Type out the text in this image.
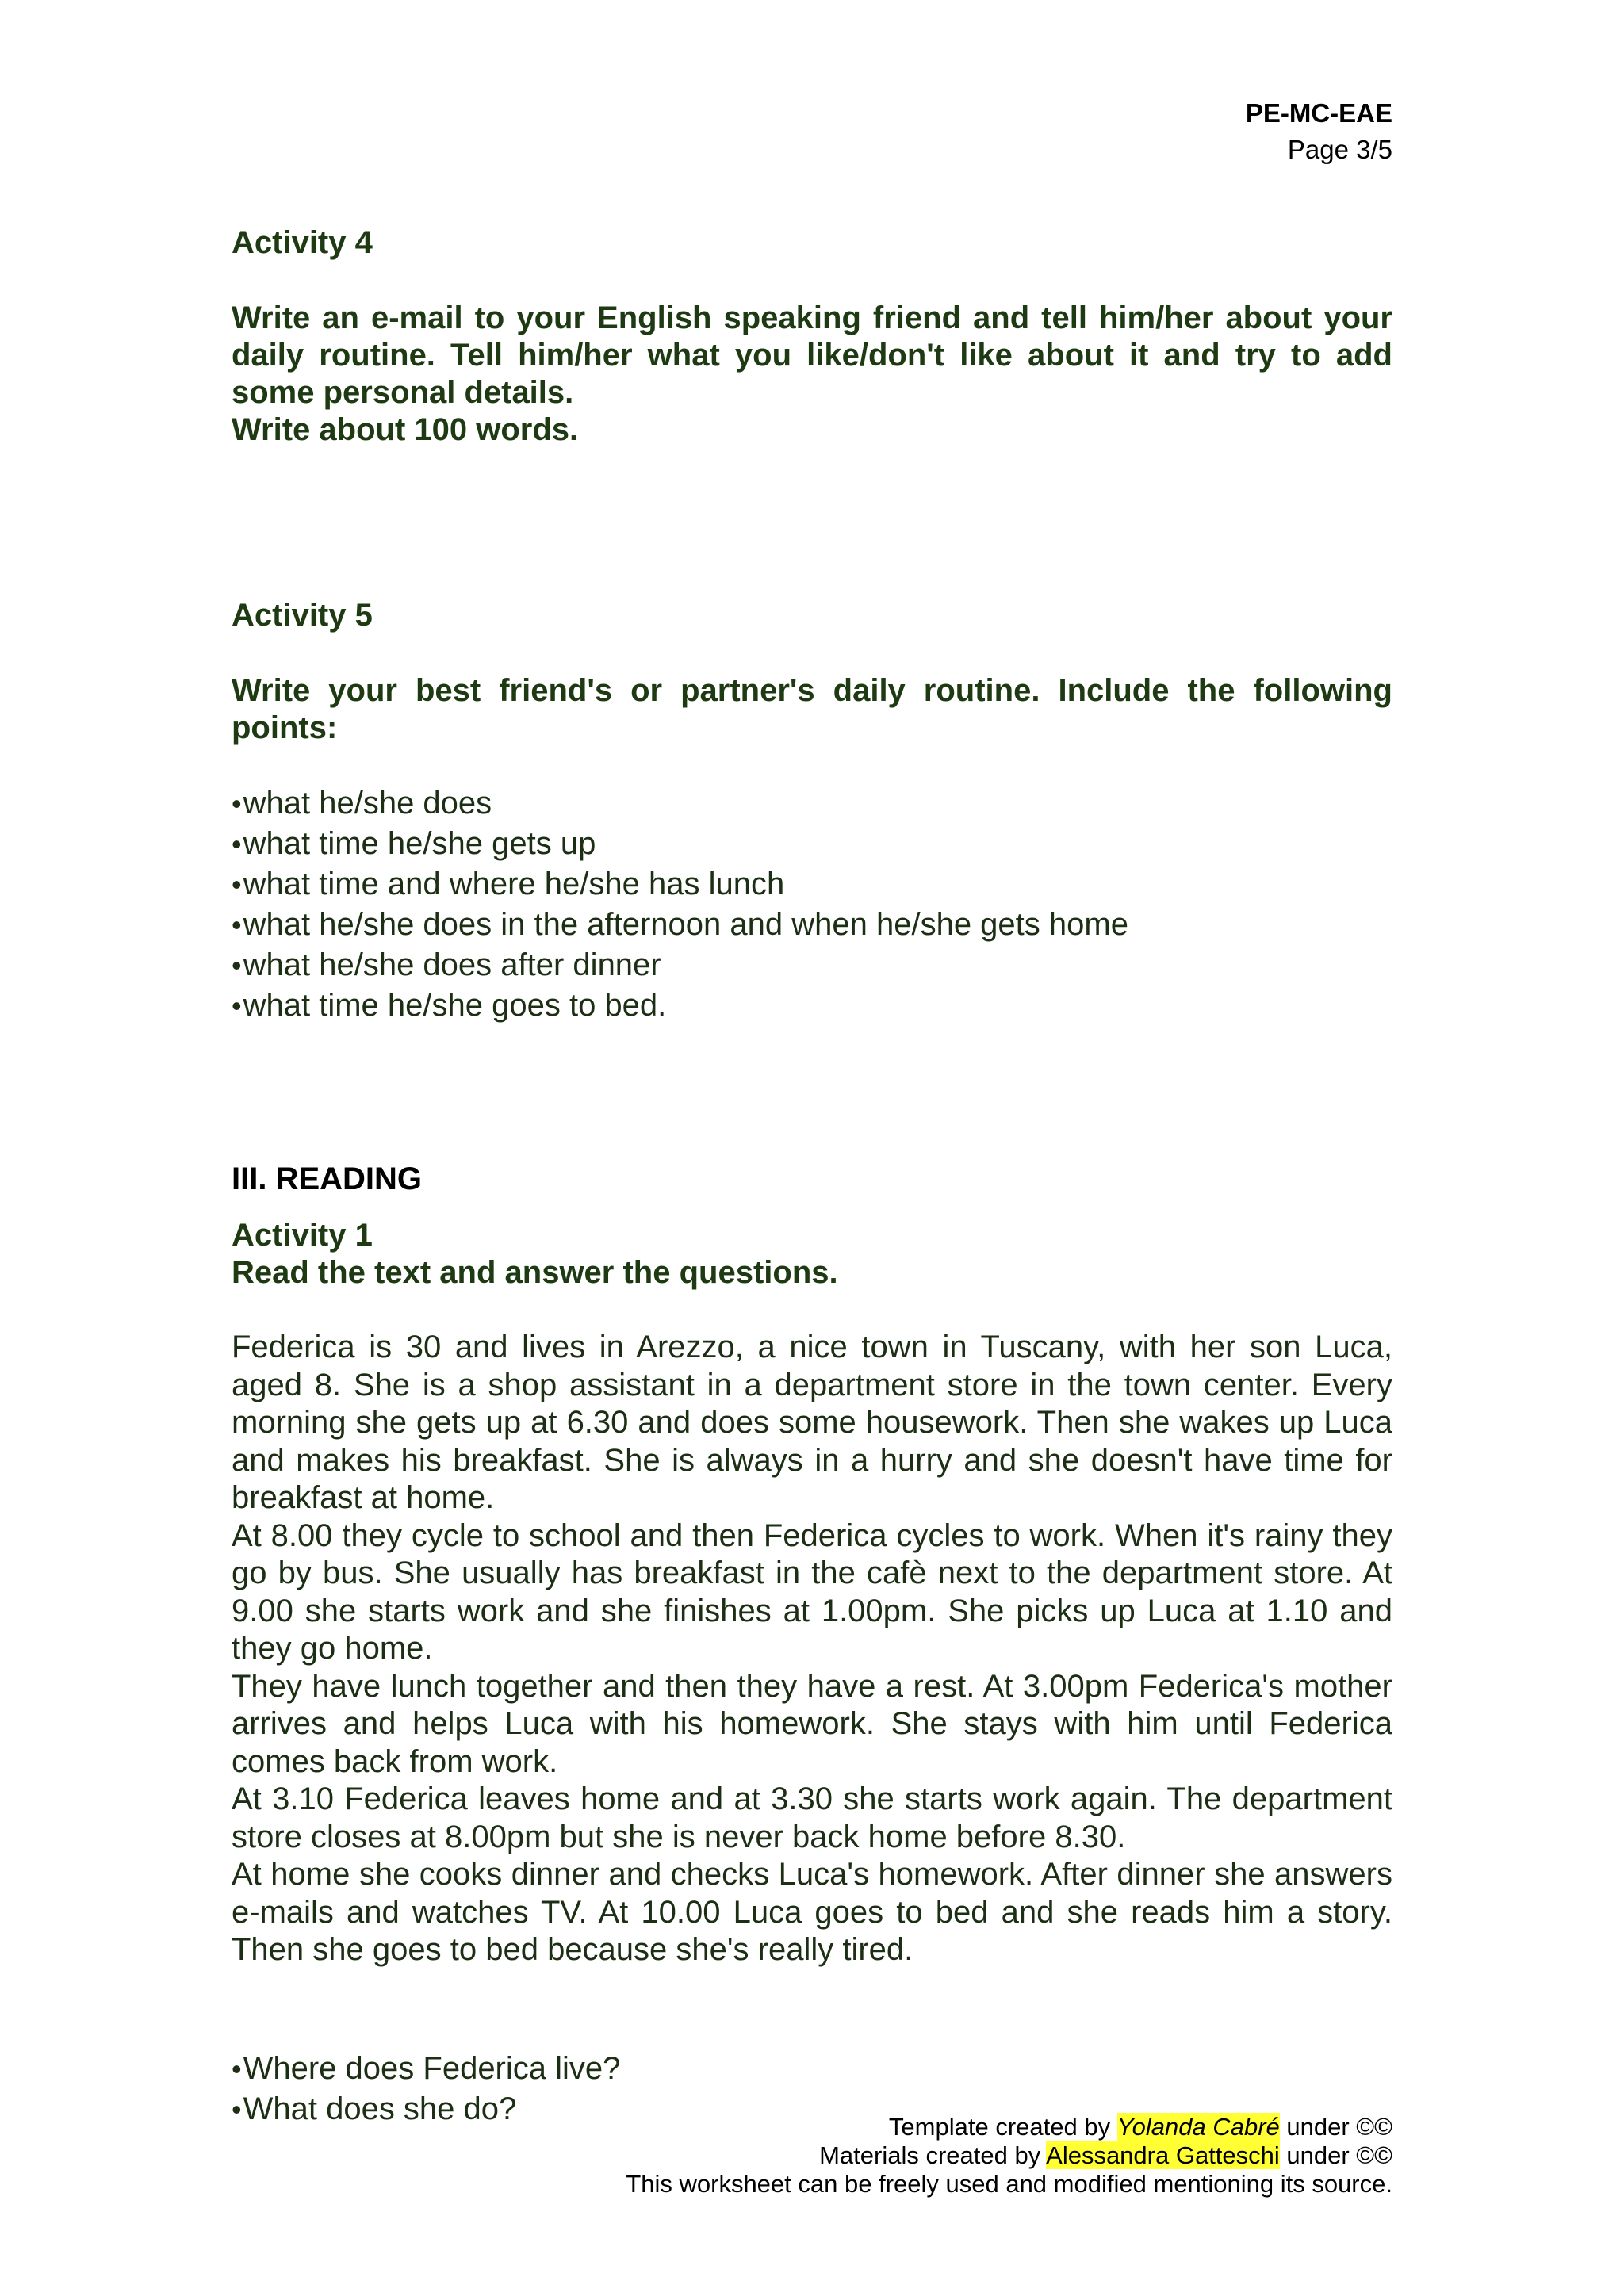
PE-MC-EAE
Page 3/5
Activity 4
Write an e-mail to your English speaking friend and tell him/her about your daily routine. Tell him/her what you like/don't like about it and try to add some personal details.
Write about 100 words.
Activity 5
Write your best friend's or partner's daily routine. Include the following points:
• what he/she does
• what time he/she gets up
• what time and where he/she has lunch
• what he/she does in the afternoon and when he/she gets home
• what he/she does after dinner
• what time he/she goes to bed.
III. READING
Activity 1
Read the text and answer the questions.

Federica is 30 and lives in Arezzo, a nice town in Tuscany, with her son Luca, aged 8. She is a shop assistant in a department store in the town center. Every morning she gets up at 6.30 and does some housework. Then she wakes up Luca and makes his breakfast. She is always in a hurry and she doesn't have time for breakfast at home.

At 8.00 they cycle to school and then Federica cycles to work. When it's rainy they go by bus. She usually has breakfast in the cafè next to the department store. At 9.00 she starts work and she finishes at 1.00pm. She picks up Luca at 1.10 and they go home.

They have lunch together and then they have a rest. At 3.00pm Federica's mother arrives and helps Luca with his homework. She stays with him until Federica comes back from work.

At 3.10 Federica leaves home and at 3.30 she starts work again. The department store closes at 8.00pm but she is never back home before 8.30.

At home she cooks dinner and checks Luca's homework. After dinner she answers e-mails and watches TV. At 10.00 Luca goes to bed and she reads him a story. Then she goes to bed because she's really tired.

• Where does Federica live?
• What does she do?
Template created by Yolanda Cabré under ©©
Materials created by Alessandra Gatteschi under ©©
This worksheet can be freely used and modified mentioning its source.
